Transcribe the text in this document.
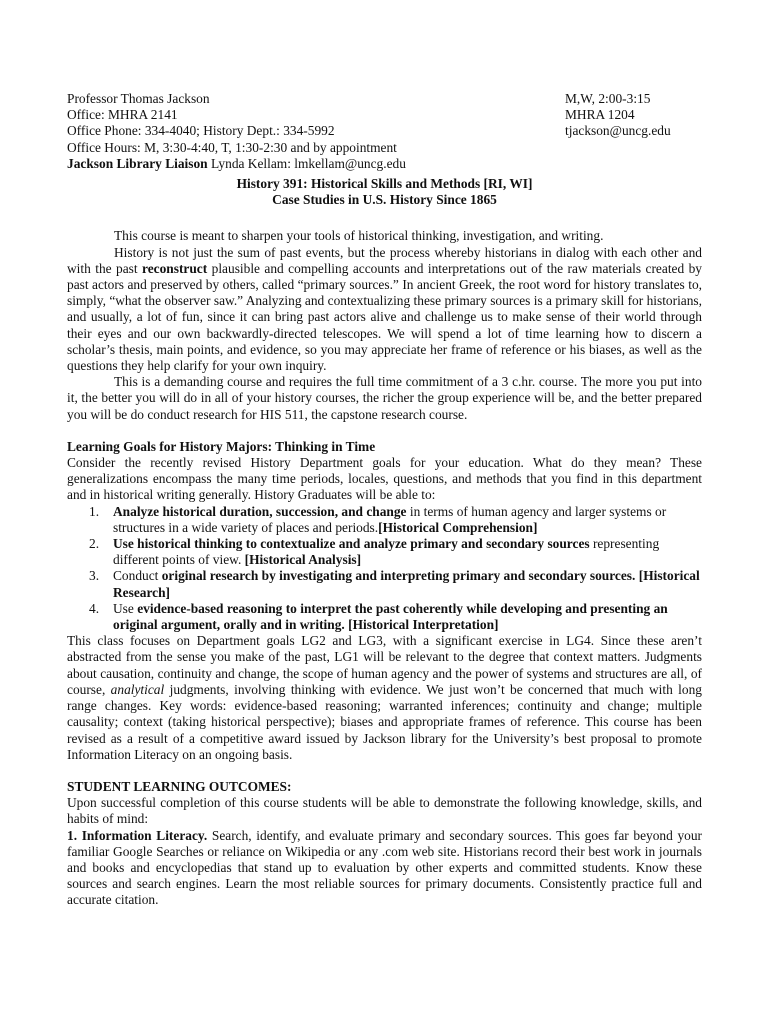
Professor Thomas Jackson
Office: MHRA 2141
Office Phone: 334-4040; History Dept.: 334-5992
Office Hours: M, 3:30-4:40, T, 1:30-2:30 and by appointment
Jackson Library Liaison Lynda Kellam: lmkellam@uncg.edu
M,W, 2:00-3:15
MHRA 1204
tjackson@uncg.edu
History 391: Historical Skills and Methods [RI, WI]
Case Studies in U.S. History Since 1865

This course is meant to sharpen your tools of historical thinking, investigation, and writing.

History is not just the sum of past events, but the process whereby historians in dialog with each other and with the past reconstruct plausible and compelling accounts and interpretations out of the raw materials created by past actors and preserved by others, called “primary sources.” In ancient Greek, the root word for history translates to, simply, “what the observer saw.” Analyzing and contextualizing these primary sources is a primary skill for historians, and usually, a lot of fun, since it can bring past actors alive and challenge us to make sense of their world through their eyes and our own backwardly-directed telescopes. We will spend a lot of time learning how to discern a scholar’s thesis, main points, and evidence, so you may appreciate her frame of reference or his biases, as well as the questions they help clarify for your own inquiry.

This is a demanding course and requires the full time commitment of a 3 c.hr. course. The more you put into it, the better you will do in all of your history courses, the richer the group experience will be, and the better prepared you will be do conduct research for HIS 511, the capstone research course.

Learning Goals for History Majors: Thinking in Time

Consider the recently revised History Department goals for your education. What do they mean? These generalizations encompass the many time periods, locales, questions, and methods that you find in this department and in historical writing generally. History Graduates will be able to:

1. Analyze historical duration, succession, and change in terms of human agency and larger systems or structures in a wide variety of places and periods.[Historical Comprehension]
2. Use historical thinking to contextualize and analyze primary and secondary sources representing different points of view. [Historical Analysis]
3. Conduct original research by investigating and interpreting primary and secondary sources. [Historical Research]
4. Use evidence-based reasoning to interpret the past coherently while developing and presenting an original argument, orally and in writing. [Historical Interpretation]

This class focuses on Department goals LG2 and LG3, with a significant exercise in LG4. Since these aren’t abstracted from the sense you make of the past, LG1 will be relevant to the degree that context matters. Judgments about causation, continuity and change, the scope of human agency and the power of systems and structures are all, of course, analytical judgments, involving thinking with evidence. We just won’t be concerned that much with long range changes. Key words: evidence-based reasoning; warranted inferences; continuity and change; multiple causality; context (taking historical perspective); biases and appropriate frames of reference. This course has been revised as a result of a competitive award issued by Jackson library for the University’s best proposal to promote Information Literacy on an ongoing basis.

STUDENT LEARNING OUTCOMES:

Upon successful completion of this course students will be able to demonstrate the following knowledge, skills, and habits of mind:

1. Information Literacy. Search, identify, and evaluate primary and secondary sources. This goes far beyond your familiar Google Searches or reliance on Wikipedia or any .com web site. Historians record their best work in journals and books and encyclopedias that stand up to evaluation by other experts and committed students. Know these sources and search engines. Learn the most reliable sources for primary documents. Consistently practice full and accurate citation.
